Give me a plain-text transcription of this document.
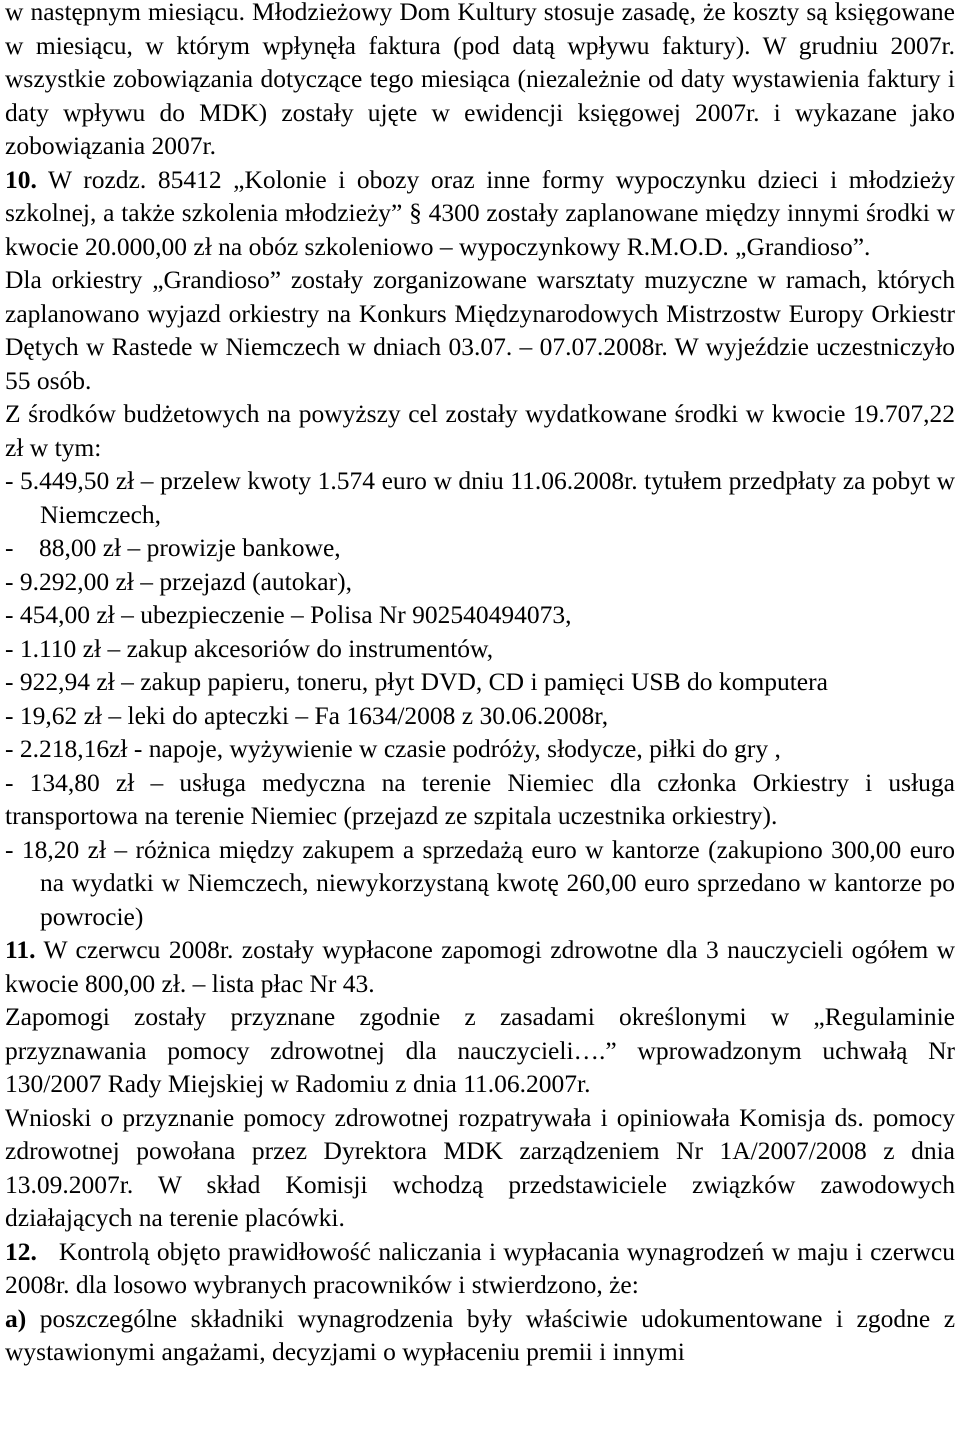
w następnym miesiącu. Młodzieżowy Dom Kultury stosuje zasadę, że koszty są księgowane w miesiącu, w którym wpłynęła faktura (pod datą wpływu faktury). W grudniu 2007r. wszystkie zobowiązania dotyczące tego miesiąca (niezależnie od daty wystawienia faktury i daty wpływu do MDK) zostały ujęte w ewidencji księgowej 2007r. i wykazane jako zobowiązania 2007r.

10. W rozdz. 85412 „Kolonie i obozy oraz inne formy wypoczynku dzieci i młodzieży szkolnej, a także szkolenia młodzieży” § 4300 zostały zaplanowane między innymi środki w kwocie 20.000,00 zł na obóz szkoleniowo – wypoczynkowy R.M.O.D. „Grandioso”.

Dla orkiestry „Grandioso” zostały zorganizowane warsztaty muzyczne w ramach, których zaplanowano wyjazd orkiestry na Konkurs Międzynarodowych Mistrzostw Europy Orkiestr Dętych w Rastede w Niemczech w dniach 03.07. – 07.07.2008r. W wyjeździe uczestniczyło 55 osób.

Z środków budżetowych na powyższy cel zostały wydatkowane środki w kwocie 19.707,22 zł w tym:

- 5.449,50 zł – przelew kwoty 1.574 euro w dniu 11.06.2008r. tytułem przedpłaty za pobyt w Niemczech,

-    88,00 zł – prowizje bankowe,

- 9.292,00 zł – przejazd (autokar),

- 454,00 zł – ubezpieczenie – Polisa Nr 902540494073,

- 1.110 zł – zakup akcesoriów do instrumentów,

- 922,94 zł – zakup papieru, toneru, płyt DVD, CD i pamięci USB do komputera

- 19,62 zł – leki do apteczki – Fa 1634/2008 z 30.06.2008r,

- 2.218,16zł - napoje, wyżywienie w czasie podróży, słodycze, piłki do gry ,

- 134,80 zł – usługa medyczna na terenie Niemiec dla członka Orkiestry i usługa transportowa na terenie Niemiec (przejazd ze szpitala uczestnika orkiestry).

- 18,20 zł – różnica między zakupem a sprzedażą euro w kantorze (zakupiono 300,00 euro na wydatki w Niemczech, niewykorzystaną kwotę 260,00 euro sprzedano w kantorze po powrocie)

11. W czerwcu 2008r. zostały wypłacone zapomogi zdrowotne dla 3 nauczycieli ogółem w kwocie 800,00 zł. – lista płac Nr 43.

Zapomogi zostały przyznane zgodnie z zasadami określonymi w „Regulaminie przyznawania pomocy zdrowotnej dla nauczycieli….” wprowadzonym uchwałą Nr 130/2007 Rady Miejskiej w Radomiu z dnia 11.06.2007r.

Wnioski o przyznanie pomocy zdrowotnej rozpatrywała i opiniowała Komisja ds. pomocy zdrowotnej powołana przez Dyrektora MDK zarządzeniem Nr 1A/2007/2008 z dnia 13.09.2007r. W skład Komisji wchodzą przedstawiciele związków zawodowych działających na terenie placówki.

12. Kontrolą objęto prawidłowość naliczania i wypłacania wynagrodzeń w maju i czerwcu 2008r. dla losowo wybranych pracowników i stwierdzono, że:

a) poszczególne składniki wynagrodzenia były właściwie udokumentowane i zgodne z wystawionymi angażami, decyzjami o wypłaceniu premii i innymi
